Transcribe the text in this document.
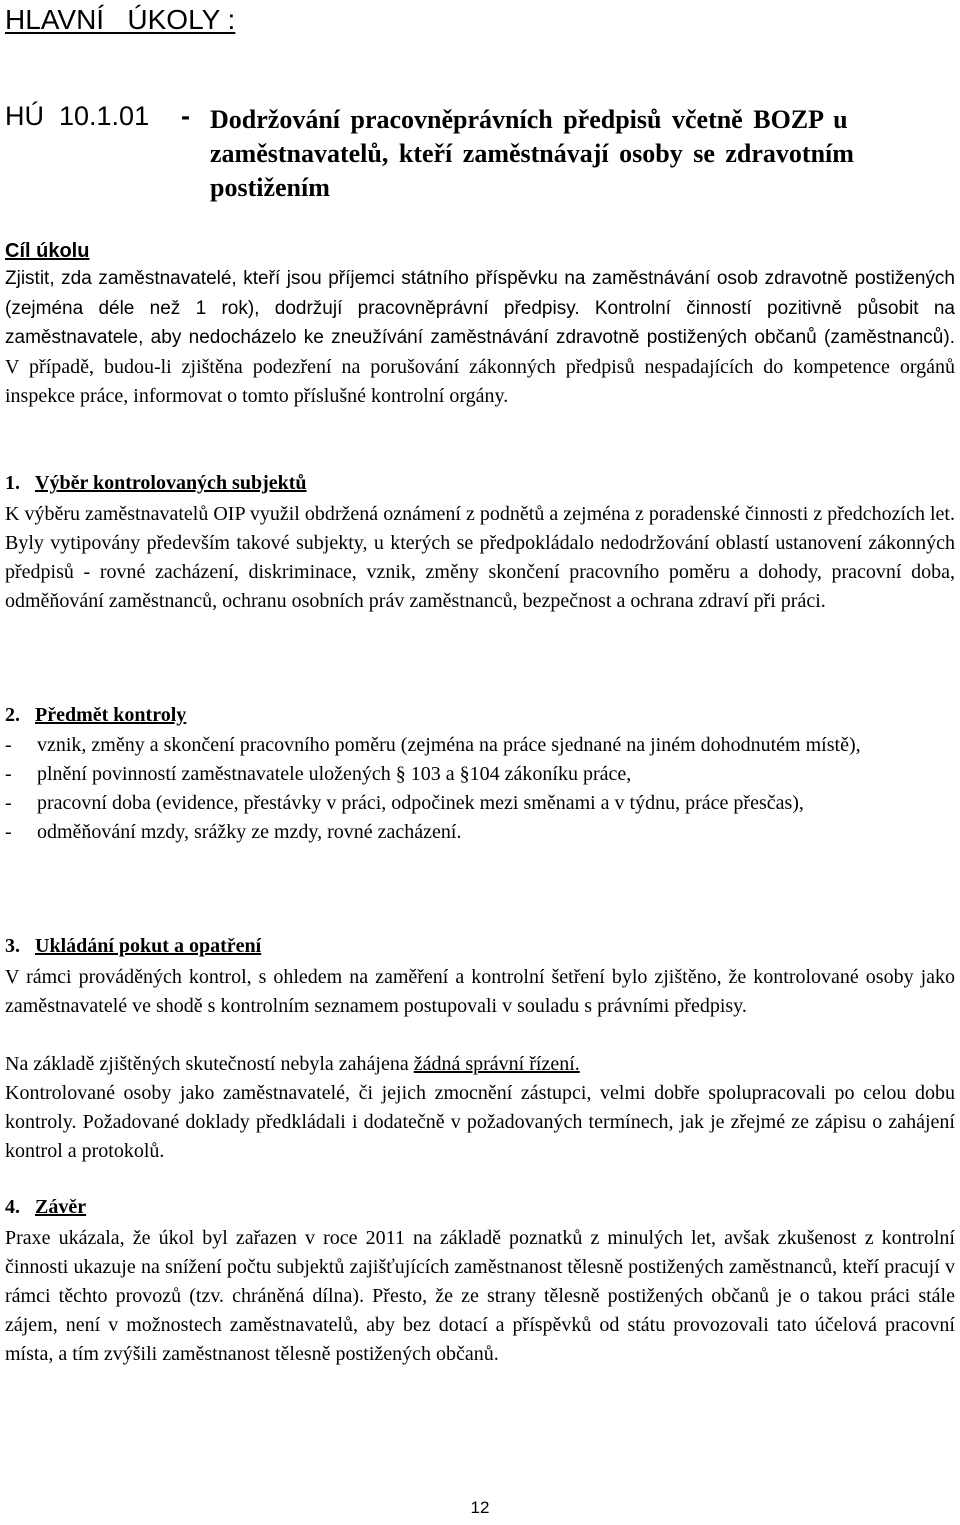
HLAVNÍ   ÚKOLY :
HÚ  10.1.01 - Dodržování pracovněprávních předpisů včetně BOZP u zaměstnavatelů, kteří zaměstnávají osoby se zdravotním postižením
Cíl úkolu

Zjistit, zda zaměstnavatelé, kteří jsou příjemci státního příspěvku na zaměstnávání osob zdravotně postižených (zejména déle než 1 rok), dodržují pracovněprávní předpisy. Kontrolní činností pozitivně působit na zaměstnavatele, aby nedocházelo ke zneužívání zaměstnávání zdravotně postižených občanů (zaměstnanců). V případě, budou-li zjištěna podezření na porušování zákonných předpisů nespadajících do kompetence orgánů inspekce práce, informovat o tomto příslušné kontrolní orgány.

1. Výběr kontrolovaných subjektů

K výběru zaměstnavatelů OIP využil obdržená oznámení z podnětů a zejména z poradenské činnosti z předchozích let. Byly vytipovány především takové subjekty, u kterých se předpokládalo nedodržování oblastí ustanovení zákonných předpisů - rovné zacházení, diskriminace, vznik, změny skončení pracovního poměru a dohody, pracovní doba, odměňování zaměstnanců, ochranu osobních práv zaměstnanců, bezpečnost a ochrana zdraví při práci.

2. Předmět kontroly
- vznik, změny a skončení pracovního poměru (zejména na práce sjednané na jiném dohodnutém místě),
- plnění povinností zaměstnavatele uložených § 103 a §104 zákoníku práce,
- pracovní doba (evidence, přestávky v práci, odpočinek mezi směnami a v týdnu, práce přesčas),
- odměňování mzdy, srážky ze mzdy, rovné zacházení.
3. Ukládání pokut a opatření

V rámci prováděných kontrol, s ohledem na zaměření a kontrolní šetření bylo zjištěno, že kontrolované osoby jako zaměstnavatelé ve shodě s kontrolním seznamem postupovali v souladu s právními předpisy.

Na základě zjištěných skutečností nebyla zahájena žádná správní řízení.

Kontrolované osoby jako zaměstnavatelé, či jejich zmocnění zástupci, velmi dobře spolupracovali po celou dobu kontroly. Požadované doklady předkládali i dodatečně v požadovaných termínech, jak je zřejmé ze zápisu o zahájení kontrol a protokolů.

4. Závěr

Praxe ukázala, že úkol byl zařazen v roce 2011 na základě poznatků z minulých let, avšak zkušenost z kontrolní činnosti ukazuje na snížení počtu subjektů zajišťujících zaměstnanost tělesně postižených zaměstnanců, kteří pracují v rámci těchto provozů (tzv. chráněná dílna). Přesto, že ze strany tělesně postižených občanů je o takou práci stále zájem, není v možnostech zaměstnavatelů, aby bez dotací a příspěvků od státu provozovali tato účelová pracovní místa, a tím zvýšili zaměstnanost tělesně postižených občanů.

12
